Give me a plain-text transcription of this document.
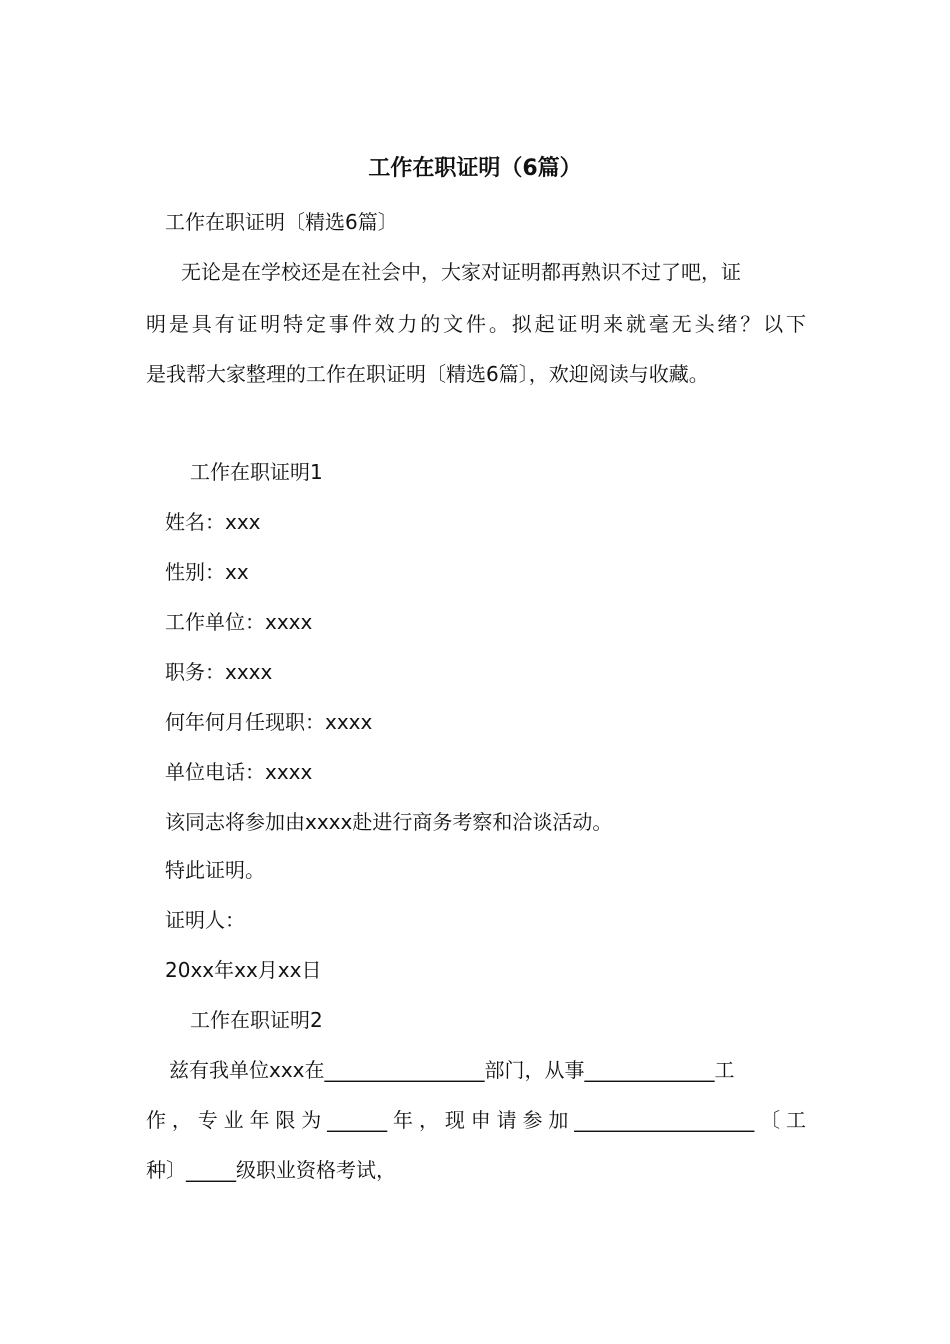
工作在职证明（6篇）
工作在职证明〔精选6篇〕
无论是在学校还是在社会中，大家对证明都再熟识不过了吧，证
明是具有证明特定事件效力的文件。拟起证明来就毫无头绪？以下
是我帮大家整理的工作在职证明〔精选6篇〕，欢迎阅读与收藏。
工作在职证明1
姓名：xxx
性别：xx
工作单位：xxxx
职务：xxxx
何年何月任现职：xxxx
单位电话：xxxx
该同志将参加由xxxx赴进行商务考察和洽谈活动。
特此证明。
证明人：
20xx年xx月xx日
工作在职证明2
兹有我单位xxx在________________部门，从事_____________工
作，专业年限为______年，现申请参加__________________〔工
种〕_____级职业资格考试，
